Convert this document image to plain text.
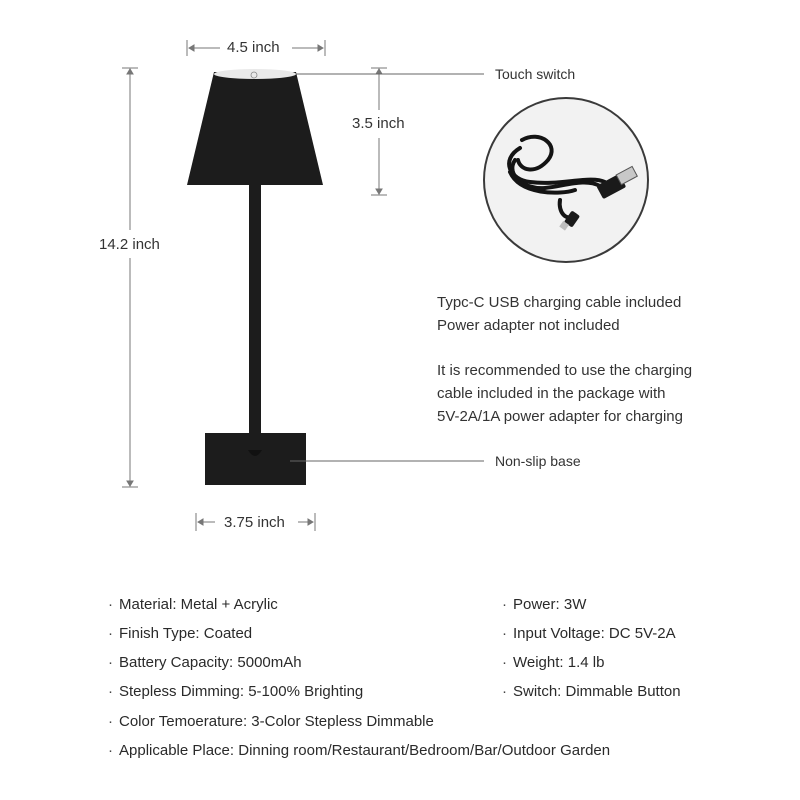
4.5 inch
3.5 inch
14.2 inch
3.75 inch
Touch switch
Non-slip base
Typc-C USB charging cable included
Power adapter not included
It is recommended to use the charging
cable included in the package with
5V-2A/1A power adapter for charging
· Material: Metal + Acrylic
· Finish Type: Coated
· Battery Capacity: 5000mAh
· Stepless Dimming: 5-100% Brighting
· Color Temoerature: 3-Color Stepless Dimmable
· Applicable Place: Dinning room/Restaurant/Bedroom/Bar/Outdoor Garden
· Power: 3W
· Input Voltage: DC 5V-2A
· Weight: 1.4 lb
· Switch: Dimmable Button
